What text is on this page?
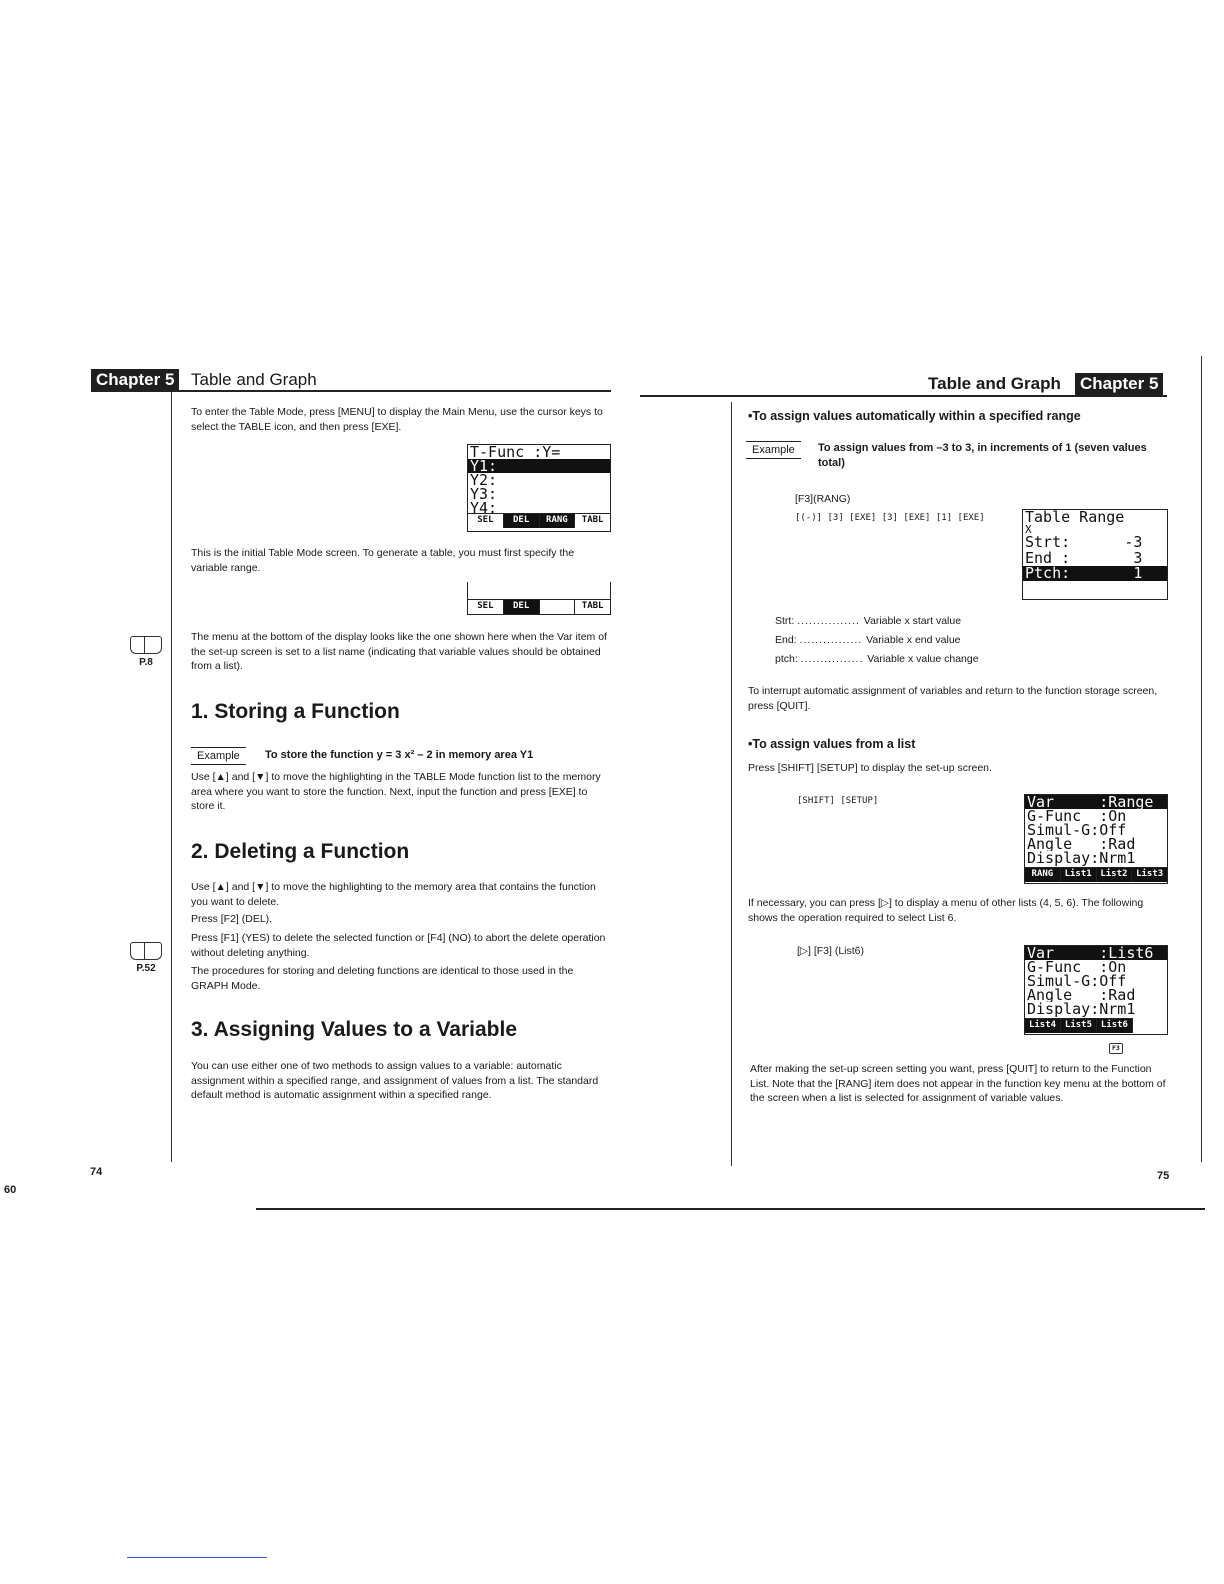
Chapter 5 Table and Graph
To enter the Table Mode, press [MENU] to display the Main Menu, use the cursor keys to select the TABLE icon, and then press [EXE].
T-Func :Y=
Y1:
Y2:
Y3:
Y4:
SEL	DEL	RANG	TABL
This is the initial Table Mode screen. To generate a table, you must first specify the variable range.
SEL	DEL	TABL
The menu at the bottom of the display looks like the one shown here when the Var item of the set-up screen is set to a list name (indicating that variable values should be obtained from a list).
P.8
1. Storing a Function
Example	To store the function y = 3 x² – 2 in memory area Y1
Use [▲] and [▼] to move the highlighting in the TABLE Mode function list to the memory area where you want to store the function. Next, input the function and press [EXE] to store it.
2. Deleting a Function
Use [▲] and [▼] to move the highlighting to the memory area that contains the function you want to delete.
Press [F2] (DEL).
Press [F1] (YES) to delete the selected function or [F4] (NO) to abort the delete operation without deleting anything.
The procedures for storing and deleting functions are identical to those used in the GRAPH Mode.
P.52
3. Assigning Values to a Variable
You can use either one of two methods to assign values to a variable: automatic assignment within a specified range, and assignment of values from a list. The standard default method is automatic assignment within a specified range.
74
60
Table and Graph Chapter 5
•To assign values automatically within a specified range
Example	To assign values from –3 to 3, in increments of 1 (seven values total)
[F3](RANG)
[(-)] [3] [EXE] [3] [EXE] [1] [EXE]	Table Range
X
Strt:      -3
End :       3
Ptch:       1
Strt: ................ Variable x start value
End: ................ Variable x end value
ptch: ................ Variable x value change
To interrupt automatic assignment of variables and return to the function storage screen, press [QUIT].
•To assign values from a list
Press [SHIFT] [SETUP] to display the set-up screen.
[SHIFT] [SETUP]	Var     :Range
G-Func  :On
Simul-G:Off
Angle   :Rad
Display:Nrm1
RANG	List1 List2 List3
If necessary, you can press [▷] to display a menu of other lists (4, 5, 6). The following shows the operation required to select List 6.
[▷] [F3] (List6)	Var     :List6
G-Func  :On
Simul-G:Off
Angle   :Rad
Display:Nrm1
List4 List5 List6
F3
After making the set-up screen setting you want, press [QUIT] to return to the Function List. Note that the [RANG] item does not appear in the function key menu at the bottom of the screen when a list is selected for assignment of variable values.
75
